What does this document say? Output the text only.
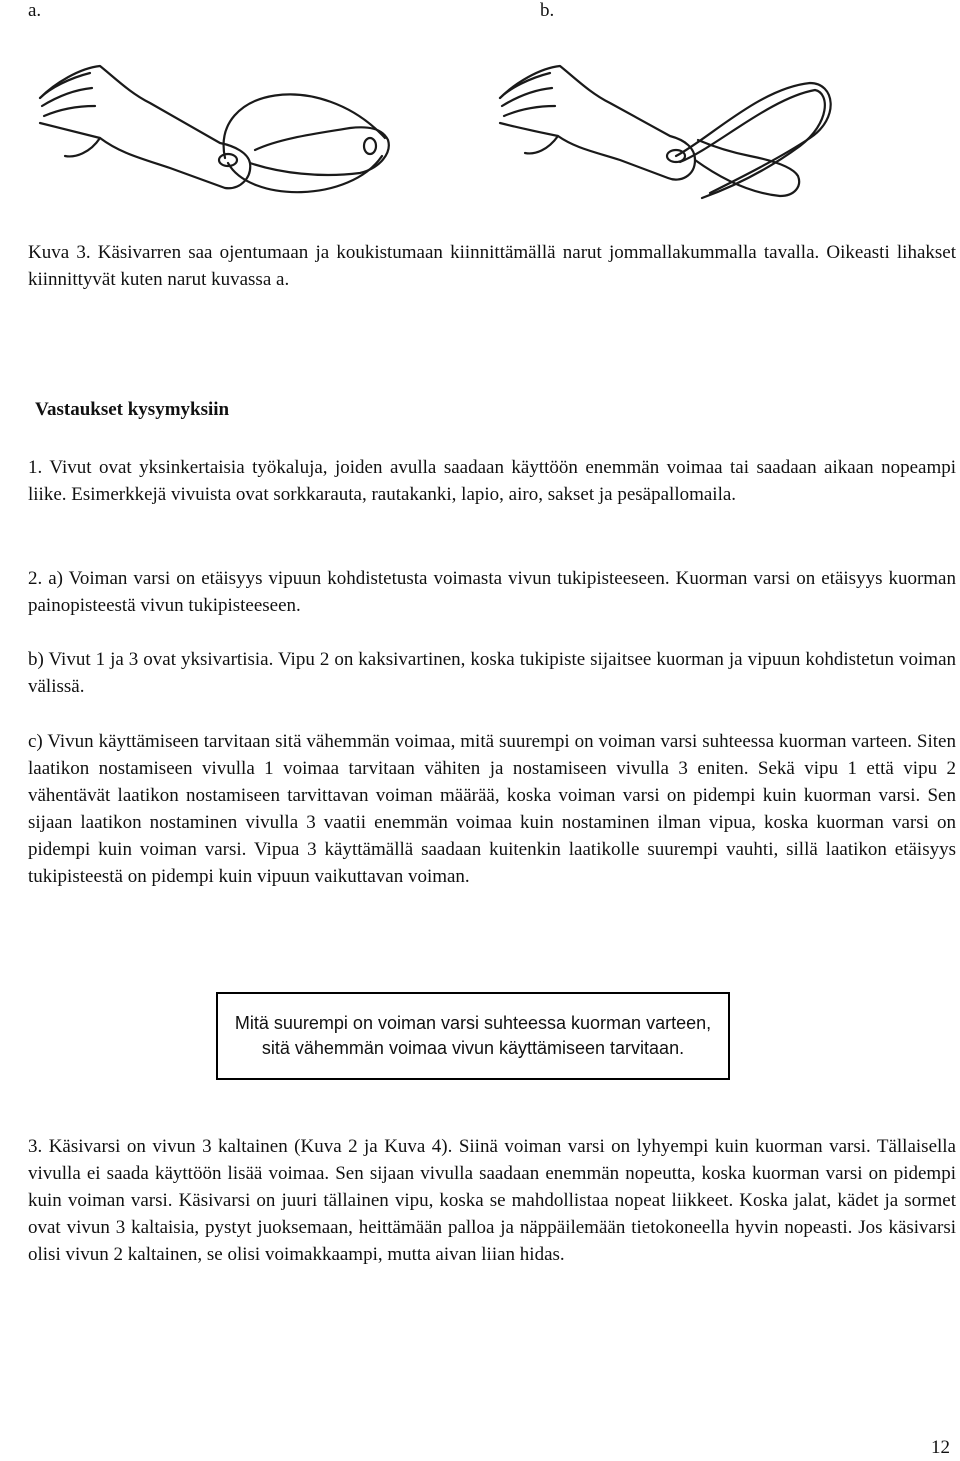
a.	b.

Kuva 3. Käsivarren saa ojentumaan ja koukistumaan kiinnittämällä narut jommallakummalla tavalla. Oikeasti lihakset kiinnittyvät kuten narut kuvassa a.

Vastaukset kysymyksiin

1. Vivut ovat yksinkertaisia työkaluja, joiden avulla saadaan käyttöön enemmän voimaa tai saadaan aikaan nopeampi liike. Esimerkkejä vivuista ovat sorkkarauta, rautakanki, lapio, airo, sakset ja pesäpallomaila.

2. a) Voiman varsi on etäisyys vipuun kohdistetusta voimasta vivun tukipisteeseen. Kuorman varsi on etäisyys kuorman painopisteestä vivun tukipisteeseen.

b) Vivut 1 ja 3 ovat yksivartisia. Vipu 2 on kaksivartinen, koska tukipiste sijaitsee kuorman ja vipuun kohdistetun voiman välissä.

c) Vivun käyttämiseen tarvitaan sitä vähemmän voimaa, mitä suurempi on voiman varsi suhteessa kuorman varteen. Siten laatikon nostamiseen vivulla 1 voimaa tarvitaan vähiten ja nostamiseen vivulla 3 eniten. Sekä vipu 1 että vipu 2 vähentävät laatikon nostamiseen tarvittavan voiman määrää, koska voiman varsi on pidempi kuin kuorman varsi. Sen sijaan laatikon nostaminen vivulla 3 vaatii enemmän voimaa kuin nostaminen ilman vipua, koska kuorman varsi on pidempi kuin voiman varsi. Vipua 3 käyttämällä saadaan kuitenkin laatikolle suurempi vauhti, sillä laatikon etäisyys tukipisteestä on pidempi kuin vipuun vaikuttavan voiman.

Mitä suurempi on voiman varsi suhteessa kuorman varteen, sitä vähemmän voimaa vivun käyttämiseen tarvitaan.

3. Käsivarsi on vivun 3 kaltainen (Kuva 2 ja Kuva 4). Siinä voiman varsi on lyhyempi kuin kuorman varsi. Tällaisella vivulla ei saada käyttöön lisää voimaa. Sen sijaan vivulla saadaan enemmän nopeutta, koska kuorman varsi on pidempi kuin voiman varsi. Käsivarsi on juuri tällainen vipu, koska se mahdollistaa nopeat liikkeet. Koska jalat, kädet ja sormet ovat vivun 3 kaltaisia, pystyt juoksemaan, heittämään palloa ja näppäilemään tietokoneella hyvin nopeasti. Jos käsivarsi olisi vivun 2 kaltainen, se olisi voimakkaampi, mutta aivan liian hidas.

12
